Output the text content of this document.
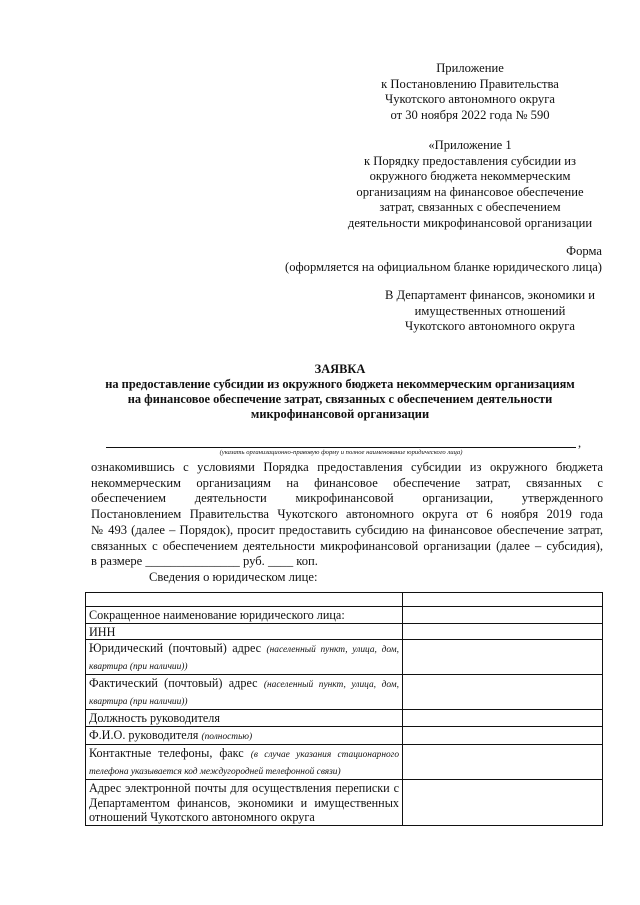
Приложение
к Постановлению Правительства
Чукотского автономного округа
от 30 ноября 2022 года № 590
«Приложение 1
к Порядку предоставления субсидии из
окружного бюджета некоммерческим
организациям на финансовое обеспечение
затрат, связанных с обеспечением
деятельности микрофинансовой организации
Форма
(оформляется на официальном бланке юридического лица)
В Департамент финансов, экономики и
имущественных отношений
Чукотского автономного округа
ЗАЯВКА
на предоставление субсидии из окружного бюджета некоммерческим организациям
на финансовое обеспечение затрат, связанных с обеспечением деятельности
микрофинансовой организации
,
(указать организационно-правовую форму и полное наименование юридического лица)
ознакомившись с условиями Порядка предоставления субсидии из окружного бюджета
некоммерческим организациям на финансовое обеспечение затрат, связанных с
обеспечением деятельности микрофинансовой организации, утвержденного
Постановлением Правительства Чукотского автономного округа от 6 ноября 2019 года
№ 493 (далее – Порядок), просит предоставить субсидию на финансовое обеспечение затрат,
связанных с обеспечением деятельности микрофинансовой организации (далее – субсидия),
в размере _______________ руб. ____ коп.
Сведения о юридическом лице:

Сокращенное наименование юридического лица:	
ИНН	
Юридический (почтовый) адрес (населенный пункт, улица, дом, квартира (при наличии))	
Фактический (почтовый) адрес (населенный пункт, улица, дом, квартира (при наличии))	
Должность руководителя	
Ф.И.О. руководителя (полностью)	
Контактные телефоны, факс (в случае указания стационарного телефона указывается код междугородней телефонной связи)	
Адрес электронной почты для осуществления переписки с Департаментом финансов, экономики и имущественных отношений Чукотского автономного округа	
